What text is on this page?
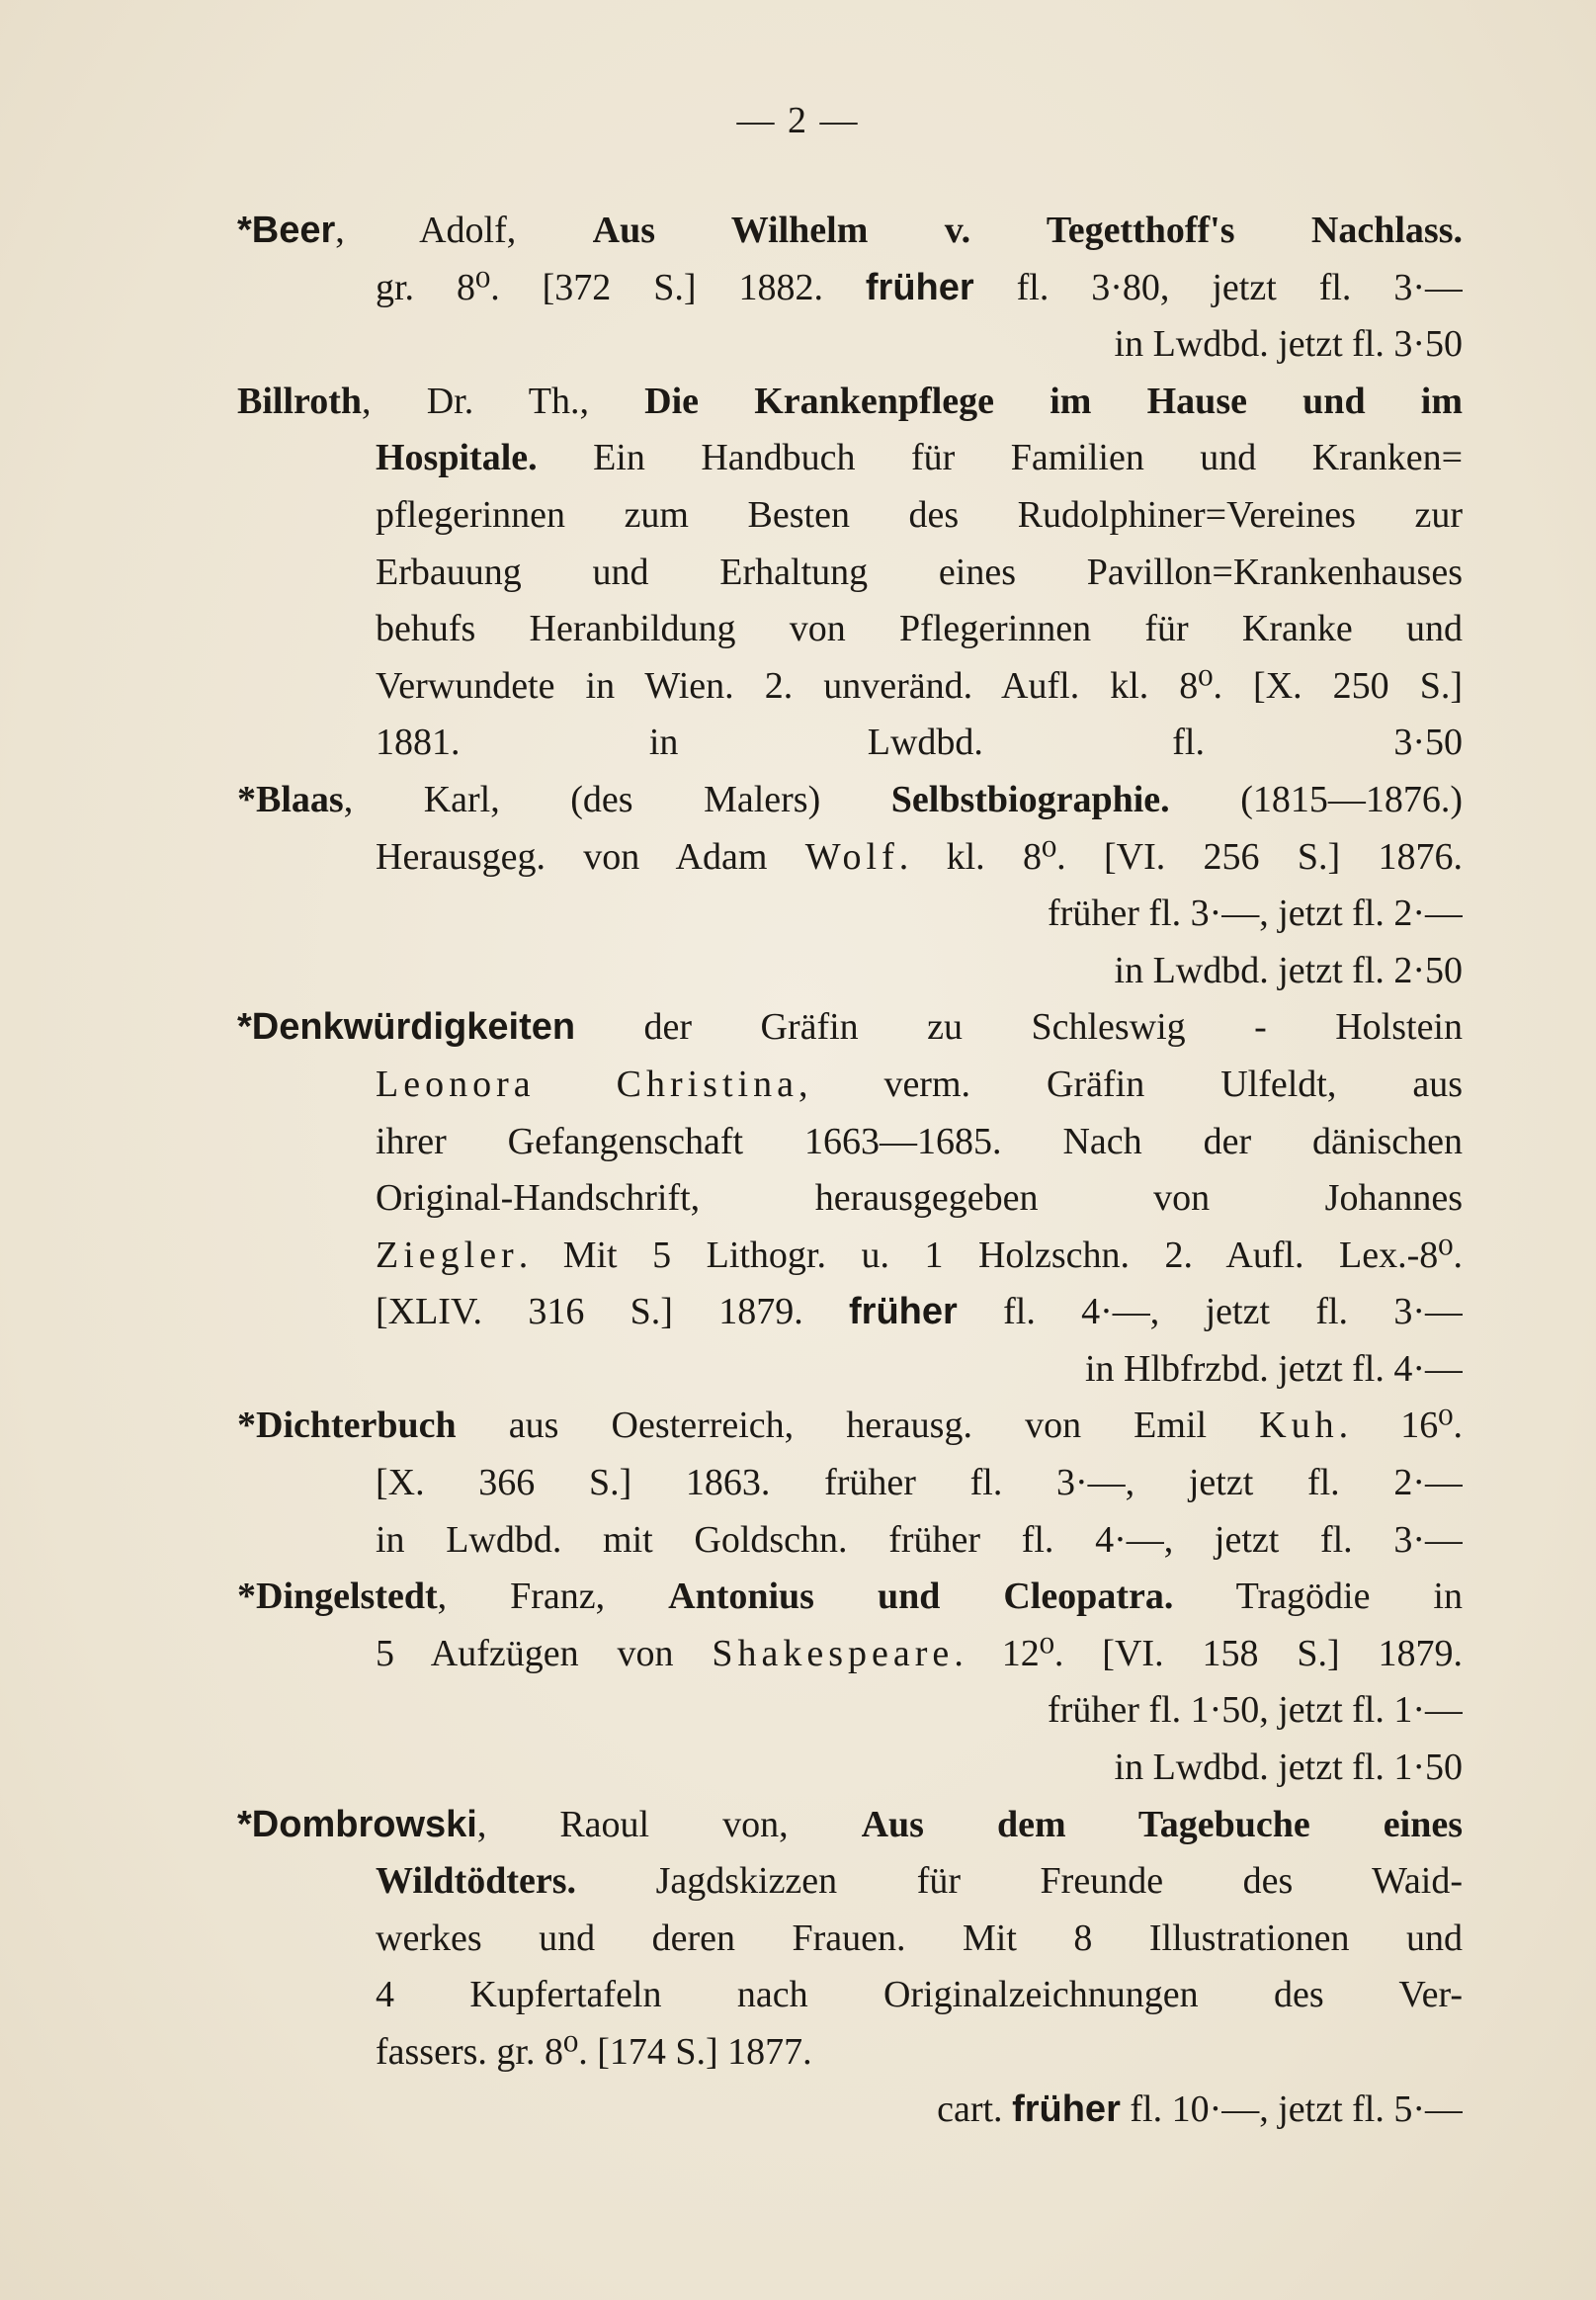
— 2 —
*Beer, Adolf, Aus Wilhelm v. Tegetthoff's Nachlass.
gr. 8⁰. [372 S.] 1882. früher fl. 3·80, jetzt fl. 3·—
in Lwdbd. jetzt fl. 3·50
Billroth, Dr. Th., Die Krankenpflege im Hause und im
Hospitale. Ein Handbuch für Familien und Kranken=
pflegerinnen zum Besten des Rudolphiner=Vereines zur
Erbauung und Erhaltung eines Pavillon=Krankenhauses
behufs Heranbildung von Pflegerinnen für Kranke und
Verwundete in Wien. 2. unveränd. Aufl. kl. 8⁰. [X. 250 S.]
1881.	in Lwdbd. fl. 3·50
*Blaas, Karl, (des Malers) Selbstbiographie. (1815—1876.)
Herausgeg. von Adam Wolf. kl. 8⁰. [VI. 256 S.] 1876.
früher fl. 3·—, jetzt fl. 2·—
in Lwdbd. jetzt fl. 2·50
*Denkwürdigkeiten der Gräfin zu Schleswig - Holstein
Leonora Christina, verm. Gräfin Ulfeldt, aus
ihrer Gefangenschaft 1663—1685. Nach der dänischen
Original-Handschrift, herausgegeben von Johannes
Ziegler. Mit 5 Lithogr. u. 1 Holzschn. 2. Aufl. Lex.-8⁰.
[XLIV. 316 S.] 1879. früher fl. 4·—, jetzt fl. 3·—
in Hlbfrzbd. jetzt fl. 4·—
*Dichterbuch aus Oesterreich, herausg. von Emil Kuh. 16⁰.
[X. 366 S.] 1863. früher fl. 3·—, jetzt fl. 2·—
in Lwdbd. mit Goldschn. früher fl. 4·—, jetzt fl. 3·—
*Dingelstedt, Franz, Antonius und Cleopatra. Tragödie in
5 Aufzügen von Shakespeare. 12⁰. [VI. 158 S.] 1879.
früher fl. 1·50, jetzt fl. 1·—
in Lwdbd. jetzt fl. 1·50
*Dombrowski, Raoul von, Aus dem Tagebuche eines
Wildtödters. Jagdskizzen für Freunde des Waid-
werkes und deren Frauen. Mit 8 Illustrationen und
4 Kupfertafeln nach Originalzeichnungen des Ver-
fassers. gr. 8⁰. [174 S.] 1877.
cart. früher fl. 10·—, jetzt fl. 5·—
